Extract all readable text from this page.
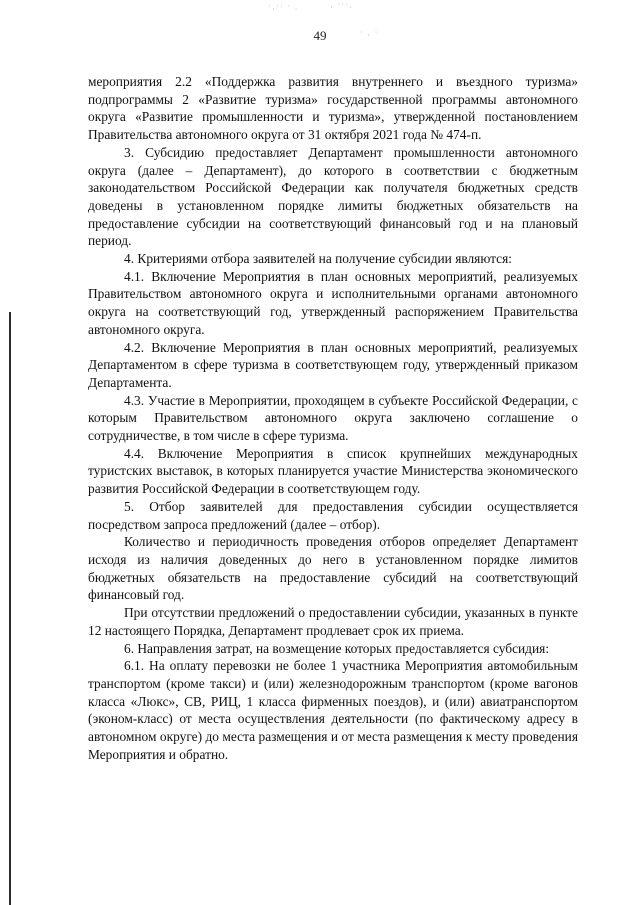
˙·˙˙ ˙ ·	· ˙˙˙·
˙ · ˙
49

мероприятия 2.2 «Поддержка развития внутреннего и въездного туризма» подпрограммы 2 «Развитие туризма» государственной программы автономного округа «Развитие промышленности и туризма», утвержденной постановлением Правительства автономного округа от 31 октября 2021 года № 474-п.

3. Субсидию предоставляет Департамент промышленности автономного округа (далее – Департамент), до которого в соответствии с бюджетным законодательством Российской Федерации как получателя бюджетных средств доведены в установленном порядке лимиты бюджетных обязательств на предоставление субсидии на соответствующий финансовый год и на плановый период.

4. Критериями отбора заявителей на получение субсидии являются:

4.1. Включение Мероприятия в план основных мероприятий, реализуемых Правительством автономного округа и исполнительными органами автономного округа на соответствующий год, утвержденный распоряжением Правительства автономного округа.

4.2. Включение Мероприятия в план основных мероприятий, реализуемых Департаментом в сфере туризма в соответствующем году, утвержденный приказом Департамента.

4.3. Участие в Мероприятии, проходящем в субъекте Российской Федерации, с которым Правительством автономного округа заключено соглашение о сотрудничестве, в том числе в сфере туризма.

4.4. Включение Мероприятия в список крупнейших международных туристских выставок, в которых планируется участие Министерства экономического развития Российской Федерации в соответствующем году.

5. Отбор заявителей для предоставления субсидии осуществляется посредством запроса предложений (далее – отбор).

Количество и периодичность проведения отборов определяет Департамент исходя из наличия доведенных до него в установленном порядке лимитов бюджетных обязательств на предоставление субсидий на соответствующий финансовый год.

При отсутствии предложений о предоставлении субсидии, указанных в пункте 12 настоящего Порядка, Департамент продлевает срок их приема.

6. Направления затрат, на возмещение которых предоставляется субсидия:

6.1. На оплату перевозки не более 1 участника Мероприятия автомобильным транспортом (кроме такси) и (или) железнодорожным транспортом (кроме вагонов класса «Люкс», СВ, РИЦ, 1 класса фирменных поездов), и (или) авиатранспортом (эконом-класс) от места осуществления деятельности (по фактическому адресу в автономном округе) до места размещения и от места размещения к месту проведения Мероприятия и обратно.
